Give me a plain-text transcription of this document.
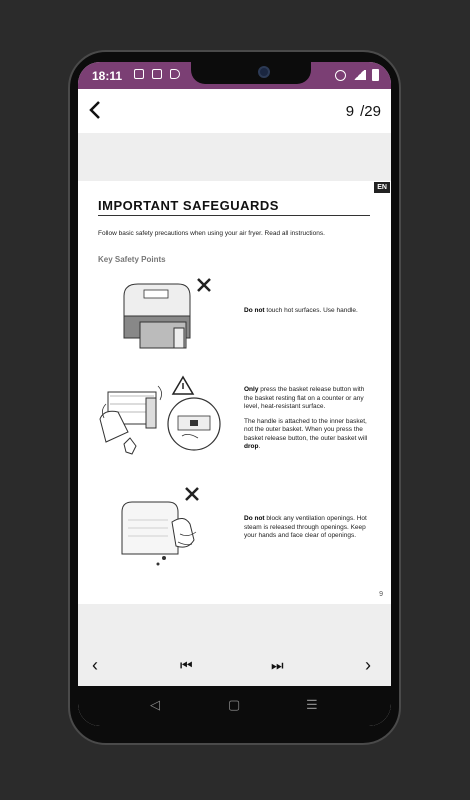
18:11
9 /29
EN
IMPORTANT SAFEGUARDS
Follow basic safety precautions when using your air fryer. Read all instructions.
Key Safety Points

Do not touch hot surfaces. Use handle.

Only press the basket release button with the basket resting flat on a counter or any level, heat-resistant surface.

The handle is attached to the inner basket, not the outer basket. When you press the basket release button, the outer basket will drop.

Do not block any ventilation openings. Hot steam is released through openings. Keep your hands and face clear of openings.

9
‹	⏮	⏭	›
◁	▢	☰
